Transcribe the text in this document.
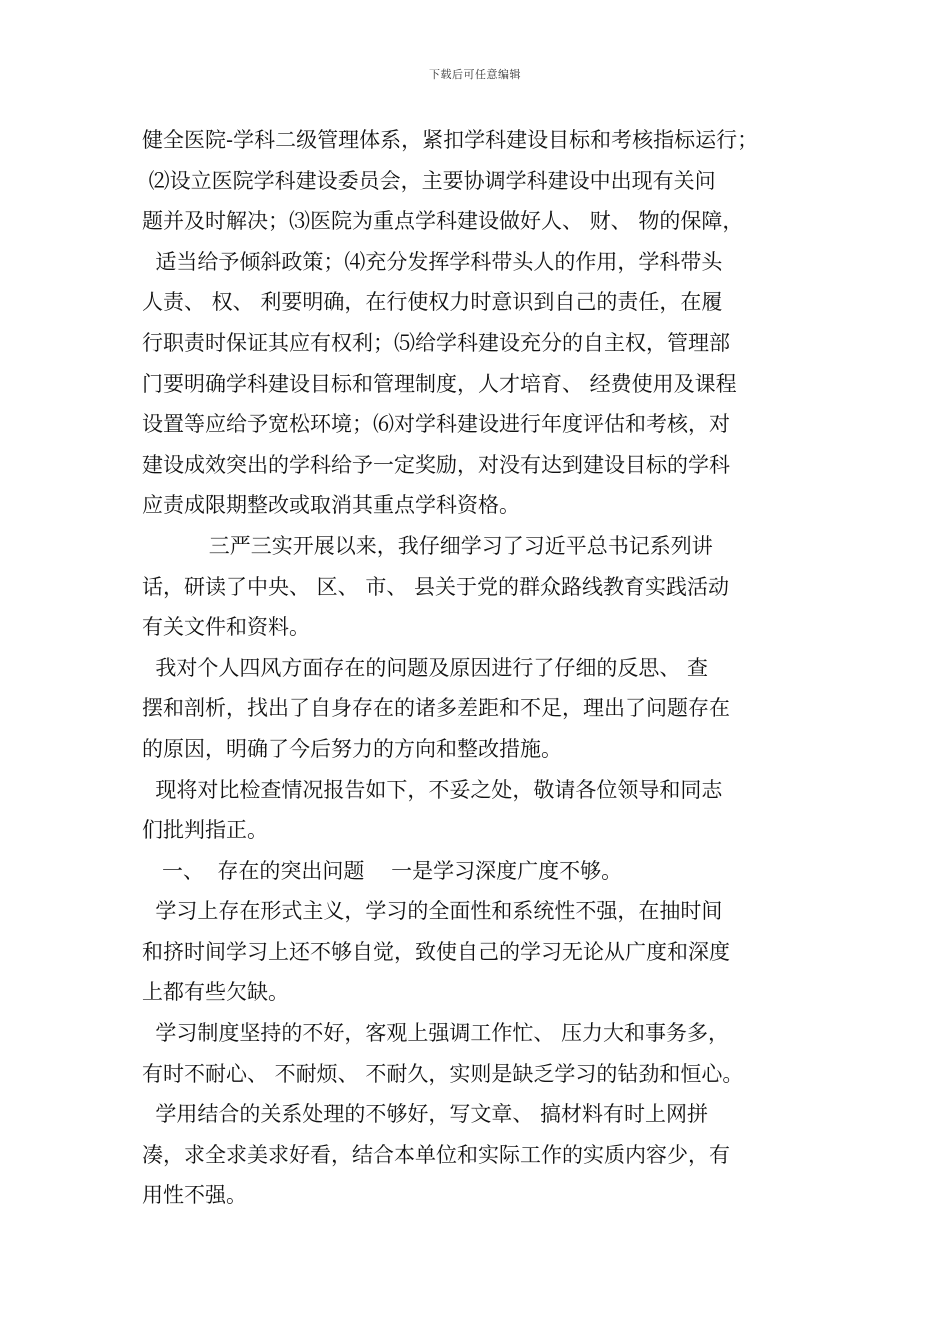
下载后可任意编辑
健全医院-学科二级管理体系，紧扣学科建设目标和考核指标运行；
⑵设立医院学科建设委员会，主要协调学科建设中出现有关问
题并及时解决；⑶医院为重点学科建设做好人、 财、 物的保障，
适当给予倾斜政策；⑷充分发挥学科带头人的作用，学科带头
人责、 权、 利要明确，在行使权力时意识到自己的责任，在履
行职责时保证其应有权利；⑸给学科建设充分的自主权，管理部
门要明确学科建设目标和管理制度，人才培育、 经费使用及课程
设置等应给予宽松环境；⑹对学科建设进行年度评估和考核，对
建设成效突出的学科给予一定奖励，对没有达到建设目标的学科
应责成限期整改或取消其重点学科资格。
三严三实开展以来，我仔细学习了习近平总书记系列讲
话，研读了中央、 区、 市、 县关于党的群众路线教育实践活动
有关文件和资料。
我对个人四风方面存在的问题及原因进行了仔细的反思、 查
摆和剖析，找出了自身存在的诸多差距和不足，理出了问题存在
的原因，明确了今后努力的方向和整改措施。
现将对比检查情况报告如下，不妥之处，敬请各位领导和同志
们批判指正。
一、  存在的突出问题    一是学习深度广度不够。
学习上存在形式主义，学习的全面性和系统性不强，在抽时间
和挤时间学习上还不够自觉，致使自己的学习无论从广度和深度
上都有些欠缺。
学习制度坚持的不好，客观上强调工作忙、 压力大和事务多，
有时不耐心、 不耐烦、 不耐久，实则是缺乏学习的钻劲和恒心。
学用结合的关系处理的不够好，写文章、 搞材料有时上网拼
凑，求全求美求好看，结合本单位和实际工作的实质内容少，有
用性不强。
